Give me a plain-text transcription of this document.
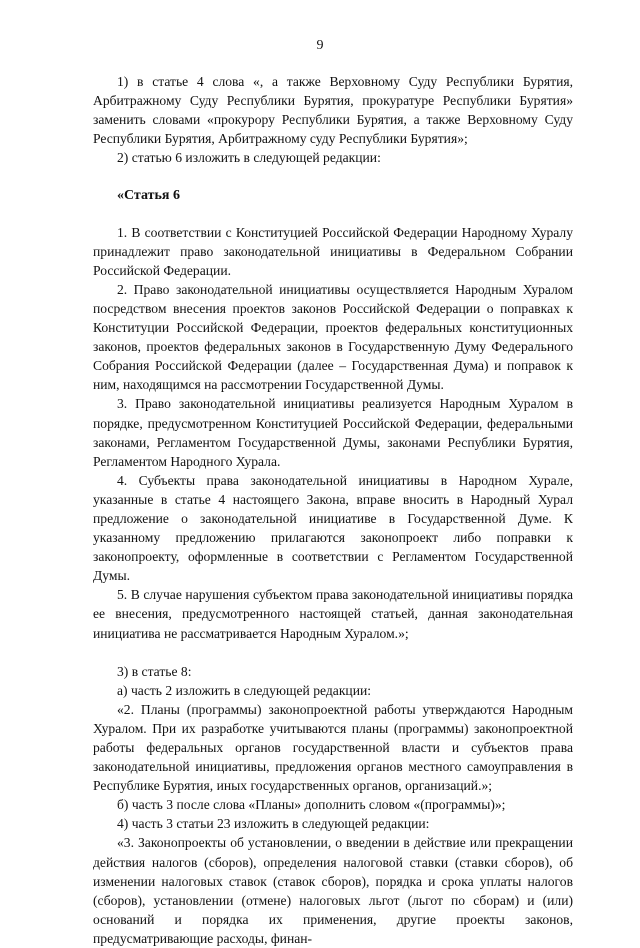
9

1) в статье 4 слова «, а также Верховному Суду Республики Бурятия, Арбитражному Суду Республики Бурятия, прокуратуре Республики Бурятия» заменить словами «прокурору Республики Бурятия, а также Верховному Суду Республики Бурятия, Арбитражному суду Республики Бурятия»;

2) статью 6 изложить в следующей редакции:

«Статья 6

1. В соответствии с Конституцией Российской Федерации Народному Хуралу принадлежит право законодательной инициативы в Федеральном Собрании Российской Федерации.

2. Право законодательной инициативы осуществляется Народным Хуралом посредством внесения проектов законов Российской Федерации о поправках к Конституции Российской Федерации, проектов федеральных конституционных законов, проектов федеральных законов в Государственную Думу Федерального Собрания Российской Федерации (далее – Государственная Дума) и поправок к ним, находящимся на рассмотрении Государственной Думы.

3. Право законодательной инициативы реализуется Народным Хуралом в порядке, предусмотренном Конституцией Российской Федерации, федеральными законами, Регламентом Государственной Думы, законами Республики Бурятия, Регламентом Народного Хурала.

4. Субъекты права законодательной инициативы в Народном Хурале, указанные в статье 4 настоящего Закона, вправе вносить в Народный Хурал предложение о законодательной инициативе в Государственной Думе. К указанному предложению прилагаются законопроект либо поправки к законопроекту, оформленные в соответствии с Регламентом Государственной Думы.

5. В случае нарушения субъектом права законодательной инициативы порядка ее внесения, предусмотренного настоящей статьей, данная законодательная инициатива не рассматривается Народным Хуралом.»;

3) в статье 8:

а) часть 2 изложить в следующей редакции:

«2. Планы (программы) законопроектной работы утверждаются Народным Хуралом. При их разработке учитываются планы (программы) законопроектной работы федеральных органов государственной власти и субъектов права законодательной инициативы, предложения органов местного самоуправления в Республике Бурятия, иных государственных органов, организаций.»;

б) часть 3 после слова «Планы» дополнить словом «(программы)»;

4) часть 3 статьи 23 изложить в следующей редакции:

«3. Законопроекты об установлении, о введении в действие или прекращении действия налогов (сборов), определения налоговой ставки (ставки сборов), об изменении налоговых ставок (ставок сборов), порядка и срока уплаты налогов (сборов), установлении (отмене) налоговых льгот (льгот по сборам) и (или) оснований и порядка их применения, другие проекты законов, предусматривающие расходы, финан-
